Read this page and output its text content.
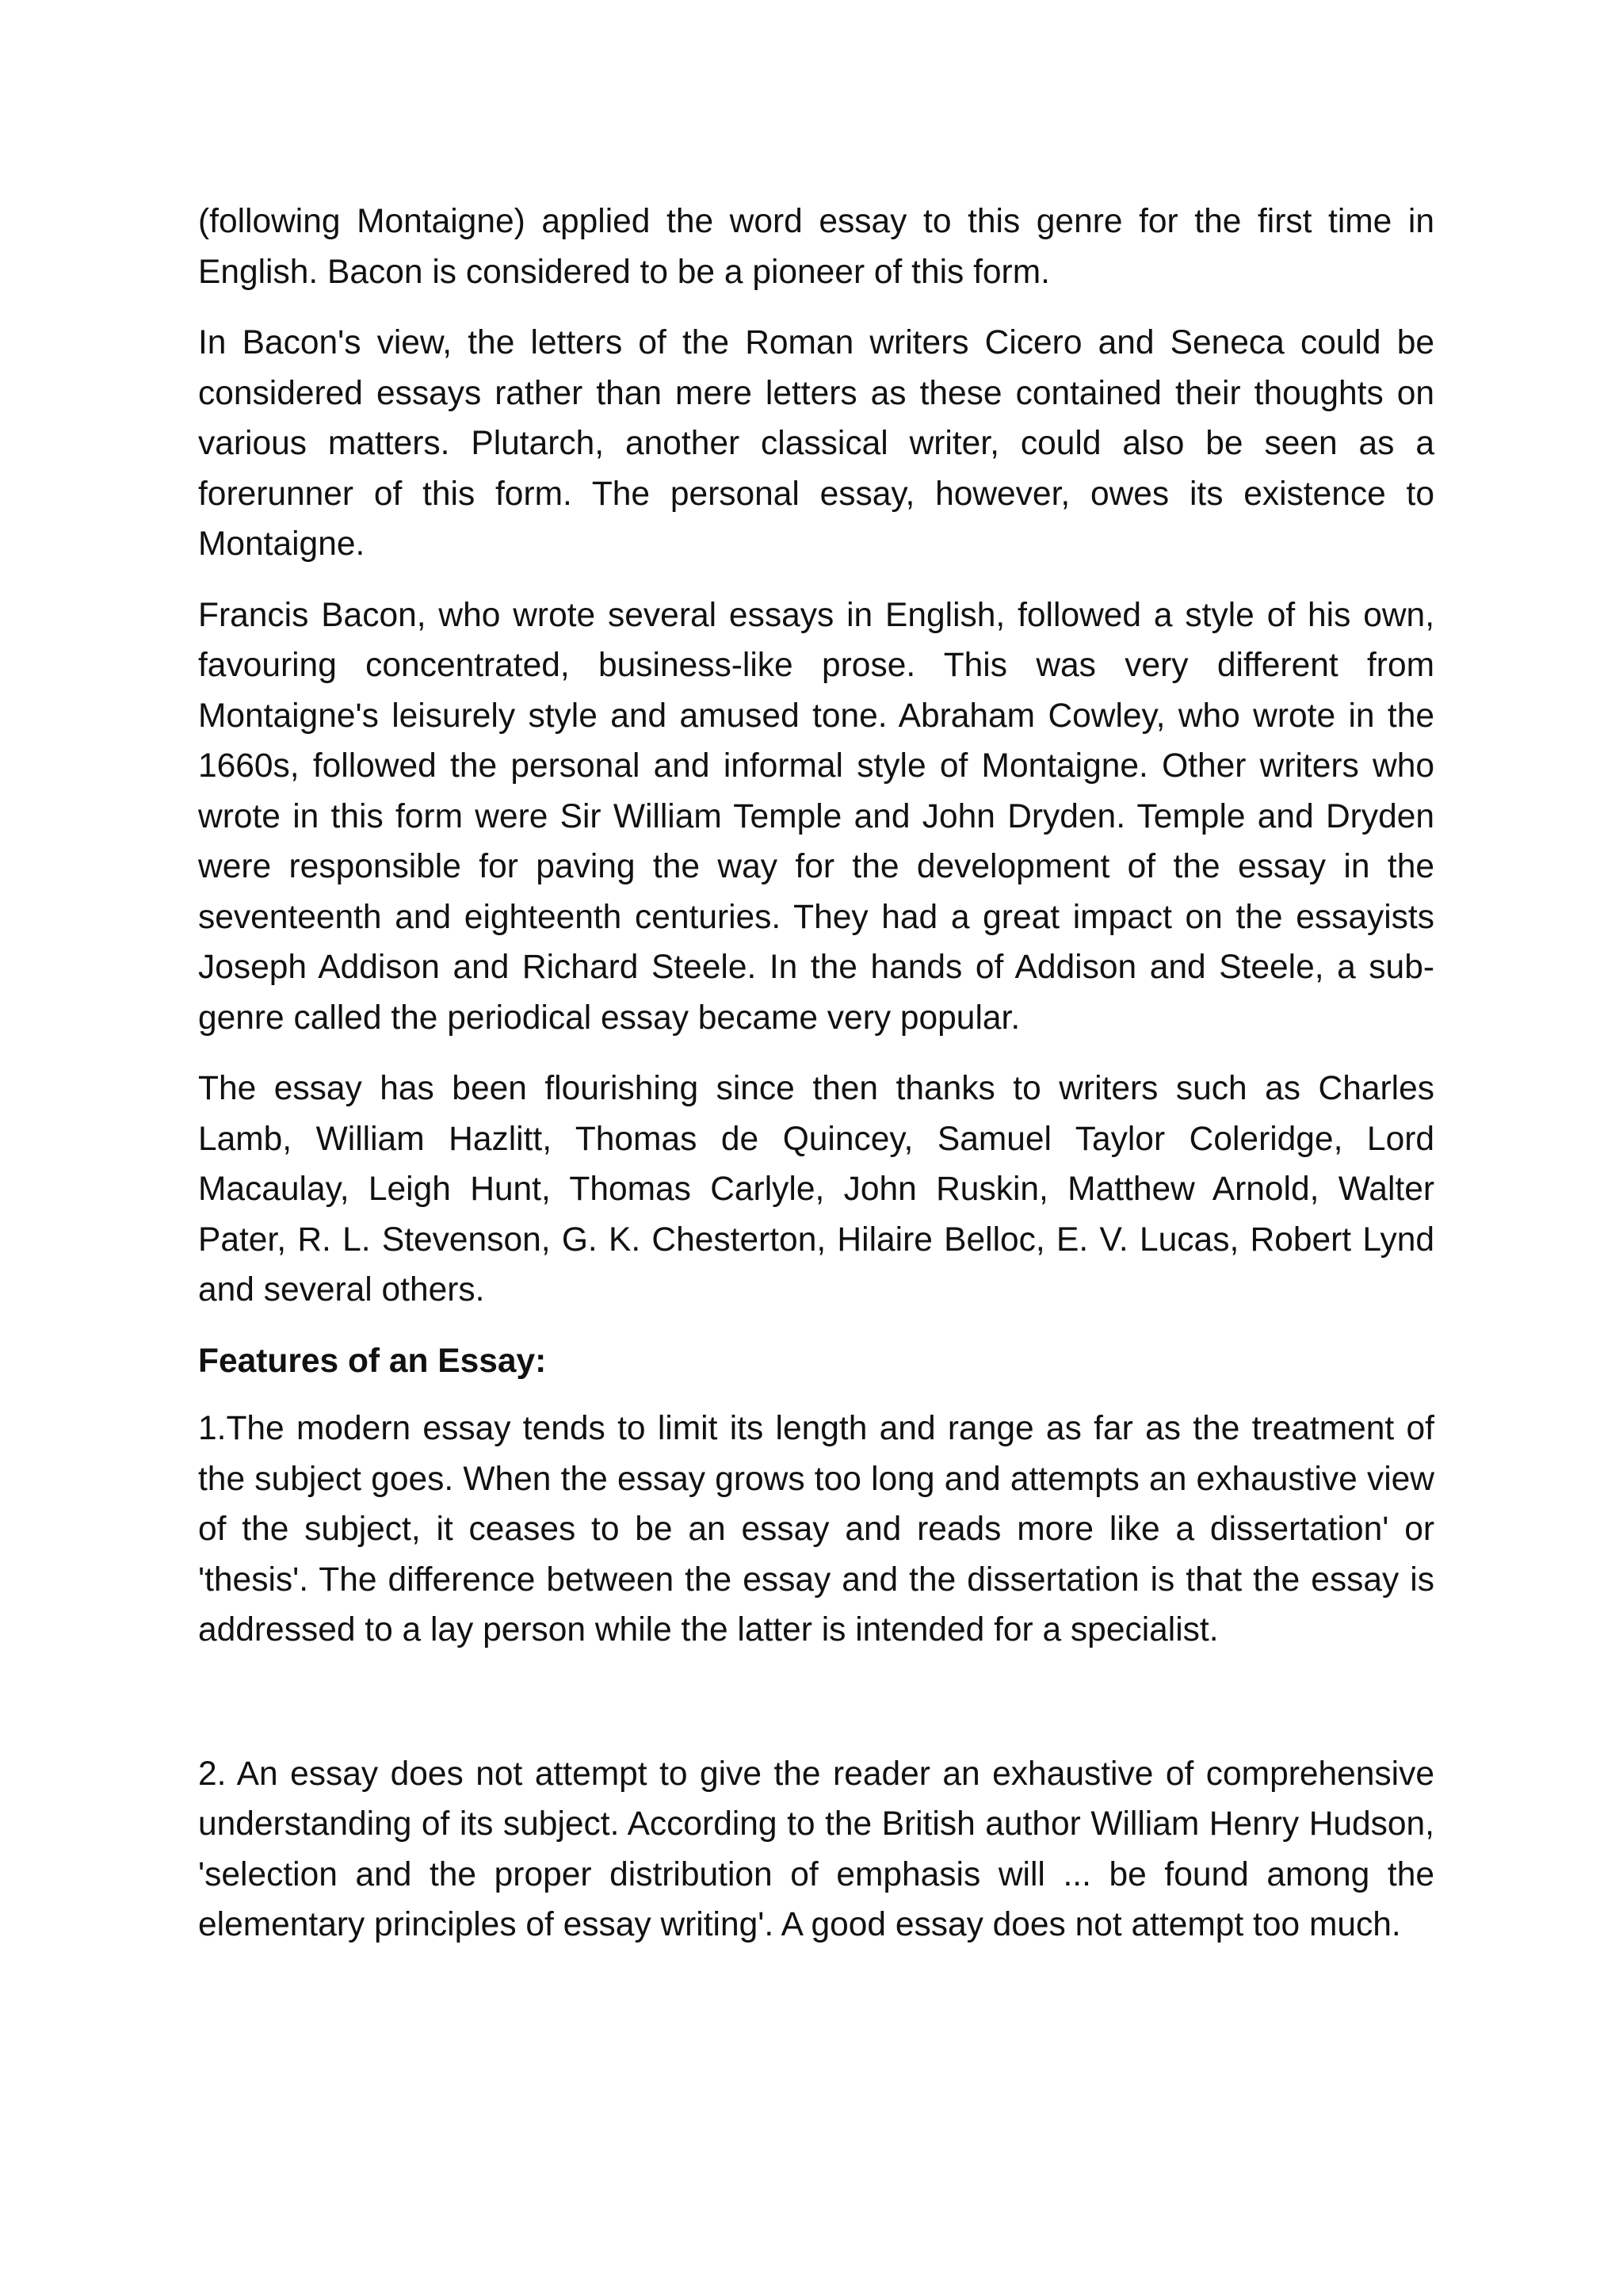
(following Montaigne) applied the word essay to this genre for the first time in English. Bacon is considered to be a pioneer of this form.

In Bacon's view, the letters of the Roman writers Cicero and Seneca could be considered essays rather than mere letters as these contained their thoughts on various matters. Plutarch, another classical writer, could also be seen as a forerunner of this form. The personal essay, however, owes its existence to Montaigne.

Francis Bacon, who wrote several essays in English, followed a style of his own, favouring concentrated, business-like prose. This was very different from Montaigne's leisurely style and amused tone. Abraham Cowley, who wrote in the 1660s, followed the personal and informal style of Montaigne. Other writers who wrote in this form were Sir William Temple and John Dryden. Temple and Dryden were responsible for paving the way for the development of the essay in the seventeenth and eighteenth centuries. They had a great impact on the essayists Joseph Addison and Richard Steele. In the hands of Addison and Steele, a sub-genre called the periodical essay became very popular.

The essay has been flourishing since then thanks to writers such as Charles Lamb, William Hazlitt, Thomas de Quincey, Samuel Taylor Coleridge, Lord Macaulay, Leigh Hunt, Thomas Carlyle, John Ruskin, Matthew Arnold, Walter Pater, R. L. Stevenson, G. K. Chesterton, Hilaire Belloc, E. V. Lucas, Robert Lynd and several others.

Features of an Essay:

1.The modern essay tends to limit its length and range as far as the treatment of the subject goes. When the essay grows too long and attempts an exhaustive view of the subject, it ceases to be an essay and reads more like a dissertation' or 'thesis'. The difference between the essay and the dissertation is that the essay is addressed to a lay person while the latter is intended for a specialist.

2. An essay does not attempt to give the reader an exhaustive of comprehensive understanding of its subject. According to the British author William Henry Hudson, 'selection and the proper distribution of emphasis will ... be found among the elementary principles of essay writing'. A good essay does not attempt too much.
